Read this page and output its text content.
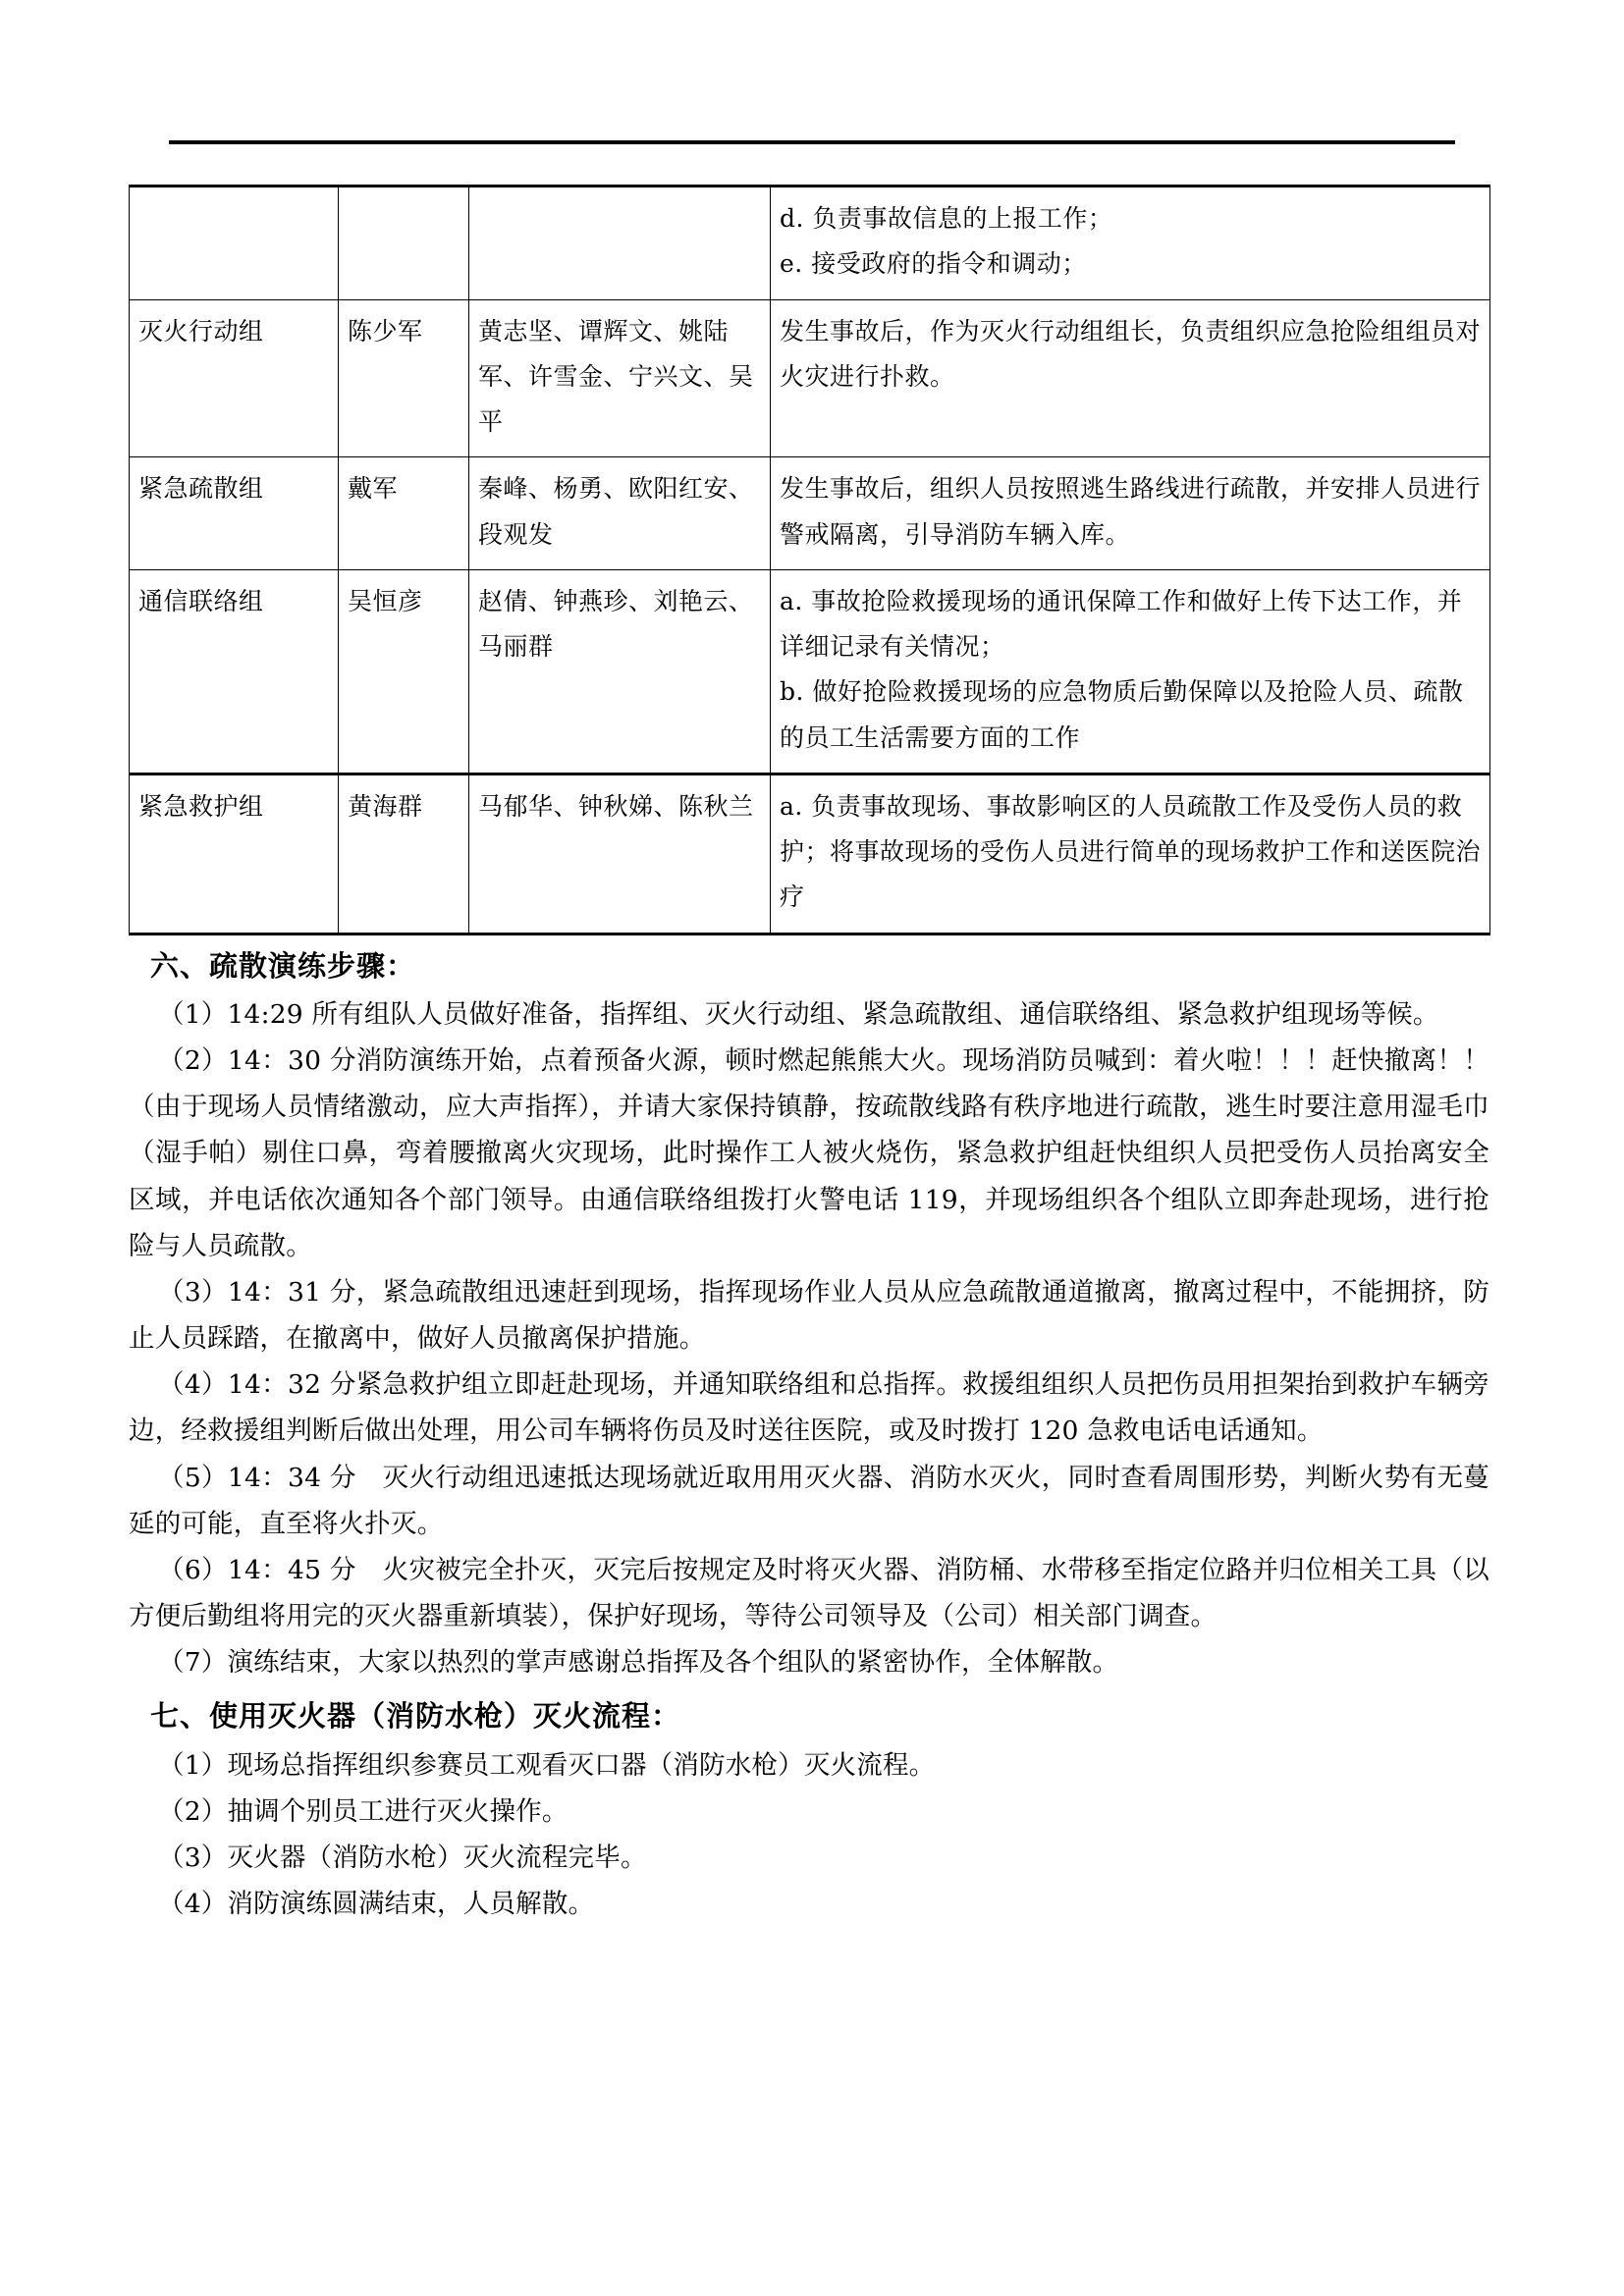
			d. 负责事故信息的上报工作；
e. 接受政府的指令和调动；

灭火行动组	陈少军	黄志坚、谭辉文、姚陆军、许雪金、宁兴文、吴平	发生事故后，作为灭火行动组组长，负责组织应急抢险组组员对火灾进行扑救。

紧急疏散组	戴军	秦峰、杨勇、欧阳红安、段观发	发生事故后，组织人员按照逃生路线进行疏散，并安排人员进行警戒隔离，引导消防车辆入库。

通信联络组	吴恒彦	赵倩、钟燕珍、刘艳云、马丽群	a. 事故抢险救援现场的通讯保障工作和做好上传下达工作，并详细记录有关情况；
b. 做好抢险救援现场的应急物质后勤保障以及抢险人员、疏散的员工生活需要方面的工作

紧急救护组	黄海群	马郁华、钟秋娣、陈秋兰	a. 负责事故现场、事故影响区的人员疏散工作及受伤人员的救护；将事故现场的受伤人员进行简单的现场救护工作和送医院治疗
六、疏散演练步骤：

（1）14:29 所有组队人员做好准备，指挥组、灭火行动组、紧急疏散组、通信联络组、紧急救护组现场等候。

（2）14：30 分消防演练开始，点着预备火源，顿时燃起熊熊大火。现场消防员喊到：着火啦！！！赶快撤离！！（由于现场人员情绪激动，应大声指挥），并请大家保持镇静，按疏散线路有秩序地进行疏散，逃生时要注意用湿毛巾（湿手帕）剔住口鼻，弯着腰撤离火灾现场，此时操作工人被火烧伤，紧急救护组赶快组织人员把受伤人员抬离安全区域，并电话依次通知各个部门领导。由通信联络组拨打火警电话 119，并现场组织各个组队立即奔赴现场，进行抢险与人员疏散。

（3）14：31 分，紧急疏散组迅速赶到现场，指挥现场作业人员从应急疏散通道撤离，撤离过程中，不能拥挤，防止人员踩踏，在撤离中，做好人员撤离保护措施。

（4）14：32 分紧急救护组立即赶赴现场，并通知联络组和总指挥。救援组组织人员把伤员用担架抬到救护车辆旁边，经救援组判断后做出处理，用公司车辆将伤员及时送往医院，或及时拨打 120 急救电话电话通知。

（5）14：34 分　灭火行动组迅速抵达现场就近取用用灭火器、消防水灭火，同时查看周围形势，判断火势有无蔓延的可能，直至将火扑灭。

（6）14：45 分　火灾被完全扑灭，灭完后按规定及时将灭火器、消防桶、水带移至指定位路并归位相关工具（以方便后勤组将用完的灭火器重新填装），保护好现场，等待公司领导及（公司）相关部门调查。

（7）演练结束，大家以热烈的掌声感谢总指挥及各个组队的紧密协作，全体解散。

七、使用灭火器（消防水枪）灭火流程：

（1）现场总指挥组织参赛员工观看灭口器（消防水枪）灭火流程。

（2）抽调个别员工进行灭火操作。

（3）灭火器（消防水枪）灭火流程完毕。

（4）消防演练圆满结束，人员解散。
